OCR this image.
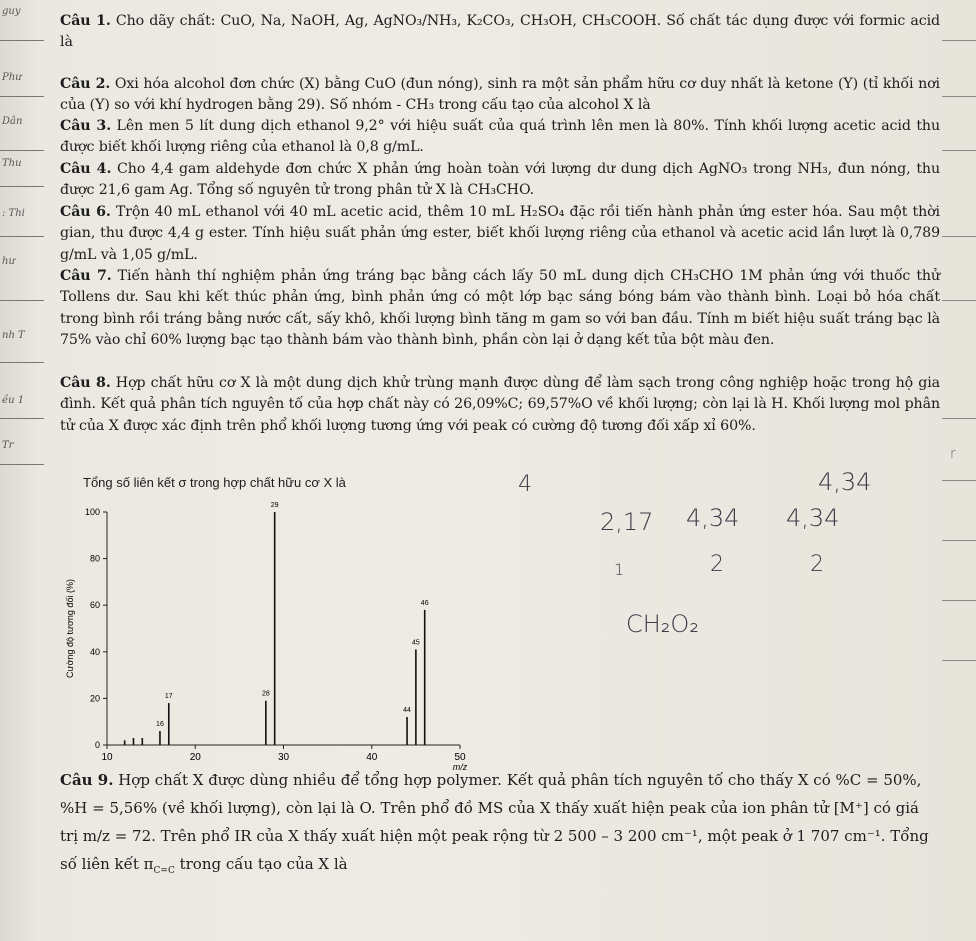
guy
Phư
Dân
Thu
: Thi
hư
nh T
ều 1
Tr
Câu 1. Cho dãy chất: CuO, Na, NaOH, Ag, AgNO₃/NH₃, K₂CO₃, CH₃OH, CH₃COOH. Số chất tác dụng được với formic acid là
Câu 2. Oxi hóa alcohol đơn chức (X) bằng CuO (đun nóng), sinh ra một sản phẩm hữu cơ duy nhất là ketone (Y) (tỉ khối nơi của (Y) so với khí hydrogen bằng 29). Số nhóm - CH₃ trong cấu tạo của alcohol X là
Câu 3. Lên men 5 lít dung dịch ethanol 9,2° với hiệu suất của quá trình lên men là 80%. Tính khối lượng acetic acid thu được biết khối lượng riêng của ethanol là 0,8 g/mL.
Câu 4. Cho 4,4 gam aldehyde đơn chức X phản ứng hoàn toàn với lượng dư dung dịch AgNO₃ trong NH₃, đun nóng, thu được 21,6 gam Ag. Tổng số nguyên tử trong phân tử X là CH₃CHO.
Câu 6. Trộn 40 mL ethanol với 40 mL acetic acid, thêm 10 mL H₂SO₄ đặc rồi tiến hành phản ứng ester hóa. Sau một thời gian, thu được 4,4 g ester. Tính hiệu suất phản ứng ester, biết khối lượng riêng của ethanol và acetic acid lần lượt là 0,789 g/mL và 1,05 g/mL.
Câu 7. Tiến hành thí nghiệm phản ứng tráng bạc bằng cách lấy 50 mL dung dịch CH₃CHO 1M phản ứng với thuốc thử Tollens dư. Sau khi kết thúc phản ứng, bình phản ứng có một lớp bạc sáng bóng bám vào thành bình. Loại bỏ hóa chất trong bình rồi tráng bằng nước cất, sấy khô, khối lượng bình tăng m gam so với ban đầu. Tính m biết hiệu suất tráng bạc là 75% vào chỉ 60% lượng bạc tạo thành bám vào thành bình, phần còn lại ở dạng kết tủa bột màu đen.
Câu 8. Hợp chất hữu cơ X là một dung dịch khử trùng mạnh được dùng để làm sạch trong công nghiệp hoặc trong hộ gia đình. Kết quả phân tích nguyên tố của hợp chất này có 26,09%C; 69,57%O về khối lượng; còn lại là H. Khối lượng mol phân tử của X được xác định trên phổ khối lượng tương ứng với peak có cường độ tương đối xấp xỉ 60%.
Tổng số liên kết σ trong hợp chất hữu cơ X là
0
20
40
60
80
100
10	20	30	40	50
m/z
Cường độ tương đối (%)
16
17	28
29
44
45
46
4	4,34
2,17 4,34 4,34
1	2	2
CH₂O₂
r
Câu 9. Hợp chất X được dùng nhiều để tổng hợp polymer. Kết quả phân tích nguyên tố cho thấy X có %C = 50%,
%H = 5,56% (về khối lượng), còn lại là O. Trên phổ đồ MS của X thấy xuất hiện peak của ion phân tử [M⁺] có giá
trị m/z = 72. Trên phổ IR của X thấy xuất hiện một peak rộng từ 2 500 – 3 200 cm⁻¹, một peak ở 1 707 cm⁻¹. Tổng
số liên kết $\pi_{C=C}$ trong cấu tạo của X là
